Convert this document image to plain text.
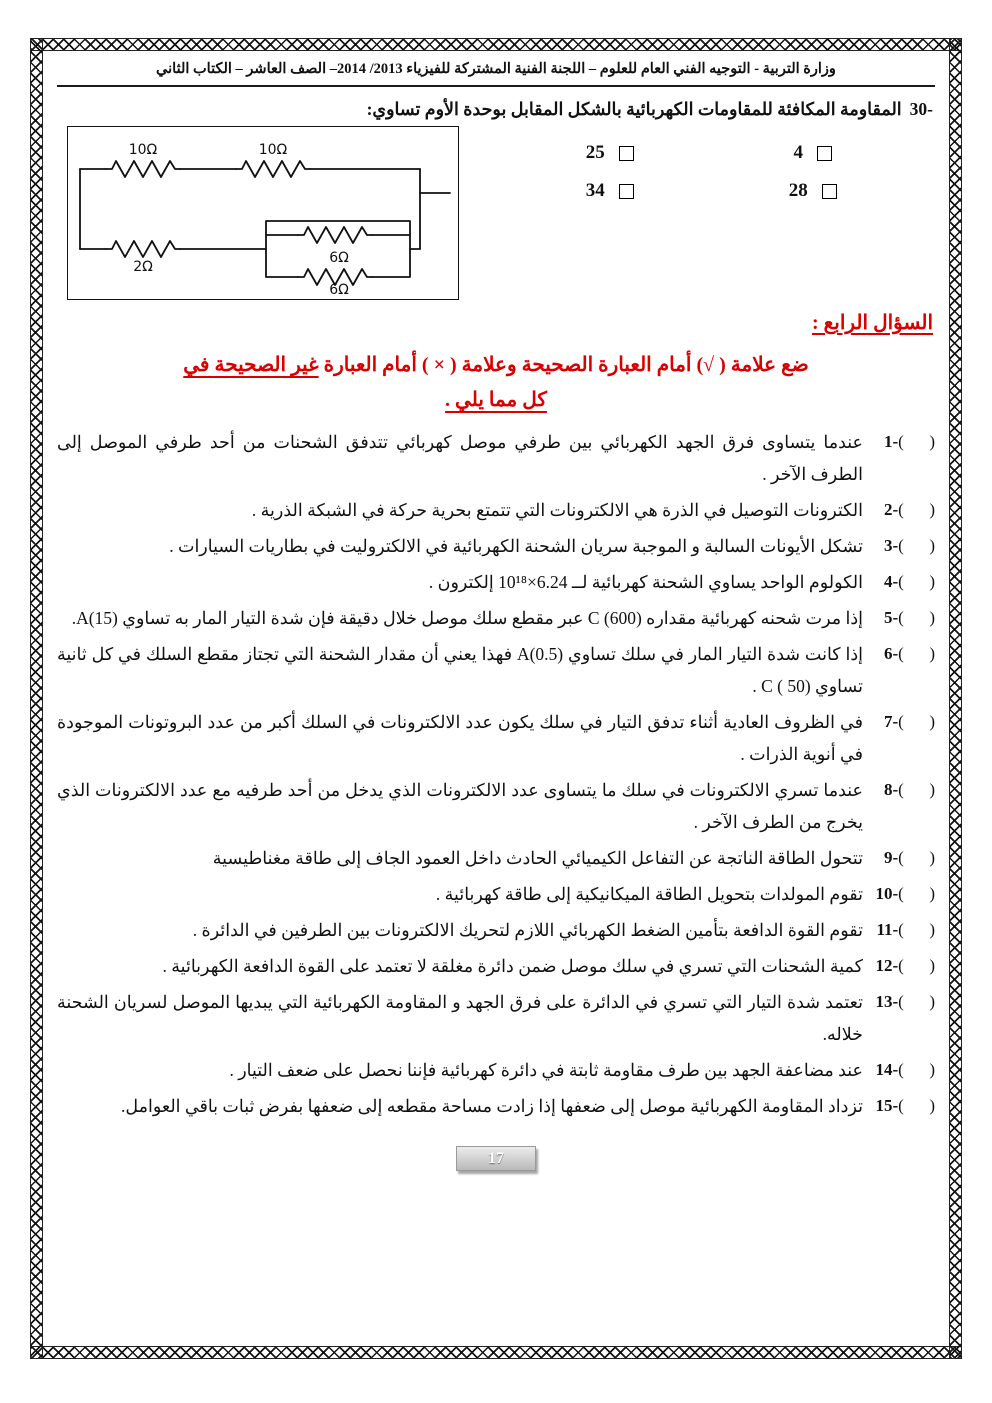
وزارة التربية - التوجيه الفني العام للعلوم – اللجنة الفنية المشتركة للفيزياء 2013/ 2014– الصف العاشر – الكتاب الثاني
30-المقاومة المكافئة للمقاومات الكهربائية بالشكل المقابل بوحدة الأوم تساوي:
10Ω	10Ω
2Ω
6Ω
6Ω
25	4
34	28
السؤال الرابع :
ضع علامة ( √) أمام العبارة الصحيحة وعلامة ( × ) أمام العبارة غير الصحيحة في
كل مما يلي .
1-(      )
عندما يتساوى فرق الجهد الكهربائي بين طرفي موصل كهربائي تتدفق الشحنات من أحد طرفي الموصل إلى الطرف الآخر .
2-(      )
الكترونات التوصيل في الذرة هي الالكترونات التي تتمتع بحرية حركة في الشبكة الذرية .
3-(      )
تشكل الأيونات السالبة و الموجبة سريان الشحنة الكهربائية في الالكتروليت في بطاريات السيارات .
4-(      )
الكولوم الواحد يساوي الشحنة كهربائية لــ 6.24×10¹⁸ إلكترون .
5-(      )
إذا مرت شحنه كهربائية مقداره C (600) عبر مقطع سلك موصل خلال دقيقة فإن شدة التيار المار به تساوي A(15).
6-(      )
إذا كانت شدة التيار المار في سلك تساوي A(0.5) فهذا يعني أن مقدار الشحنة التي تجتاز مقطع السلك في كل ثانية تساوي C ( 50) .
7-(      )
في الظروف العادية أثناء تدفق التيار في سلك يكون عدد الالكترونات في السلك أكبر من عدد البروتونات الموجودة في أنوية الذرات .
8-(      )
عندما تسري الالكترونات في سلك ما يتساوى عدد الالكترونات الذي يدخل من أحد طرفيه مع عدد الالكترونات الذي يخرج من الطرف الآخر .
9-(      )
تتحول الطاقة الناتجة عن التفاعل الكيميائي الحادث داخل العمود الجاف إلى طاقة مغناطيسية
10-(      )
تقوم المولدات بتحويل الطاقة الميكانيكية إلى طاقة كهربائية .
11-(      )
تقوم القوة الدافعة بتأمين الضغط الكهربائي اللازم لتحريك الالكترونات بين الطرفين في الدائرة .
12-(      )
كمية الشحنات التي تسري في سلك موصل ضمن دائرة مغلقة لا تعتمد على القوة الدافعة الكهربائية .
13-(      )
تعتمد شدة التيار التي تسري في الدائرة على فرق الجهد و المقاومة الكهربائية التي يبديها الموصل لسريان الشحنة خلاله.
14-(      )
عند مضاعفة الجهد بين طرف مقاومة ثابتة في دائرة كهربائية فإننا نحصل على ضعف التيار .
15-(      )
تزداد المقاومة الكهربائية موصل إلى ضعفها إذا زادت مساحة مقطعه إلى ضعفها بفرض ثبات باقي العوامل.
17
